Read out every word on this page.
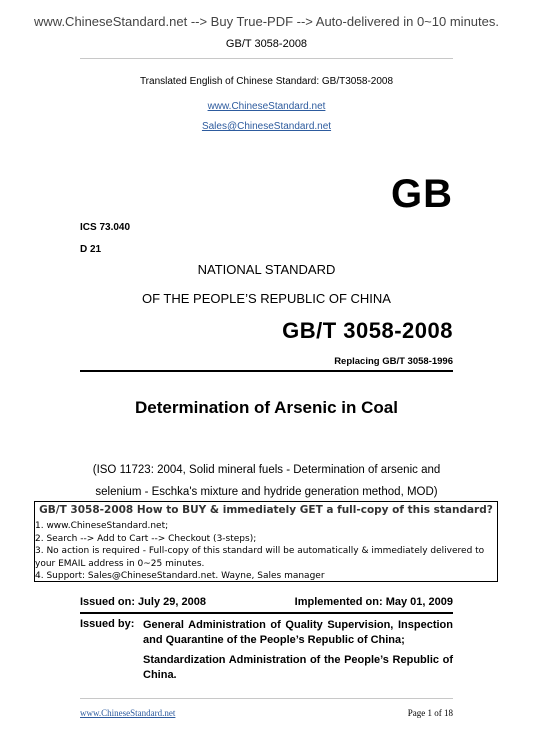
www.ChineseStandard.net --> Buy True-PDF --> Auto-delivered in 0~10 minutes.
GB/T 3058-2008
Translated English of Chinese Standard: GB/T3058-2008
www.ChineseStandard.net
Sales@ChineseStandard.net
GB
ICS 73.040
D 21
NATIONAL STANDARD
OF THE PEOPLE’S REPUBLIC OF CHINA
GB/T 3058-2008
Replacing GB/T 3058-1996
Determination of Arsenic in Coal
(ISO 11723: 2004, Solid mineral fuels - Determination of arsenic and
selenium - Eschka's mixture and hydride generation method, MOD)
GB/T 3058-2008 How to BUY & immediately GET a full-copy of this standard?
1. www.ChineseStandard.net;
2. Search --> Add to Cart --> Checkout (3-steps);
3. No action is required - Full-copy of this standard will be automatically & immediately delivered to
your EMAIL address in 0~25 minutes.
4. Support: Sales@ChineseStandard.net. Wayne, Sales manager
Issued on: July 29, 2008	Implemented on: May 01, 2009
Issued by: General Administration of Quality Supervision, Inspection and Quarantine of the People’s Republic of China;
Standardization Administration of the People’s Republic of China.
www.ChineseStandard.net	Page 1 of 18
